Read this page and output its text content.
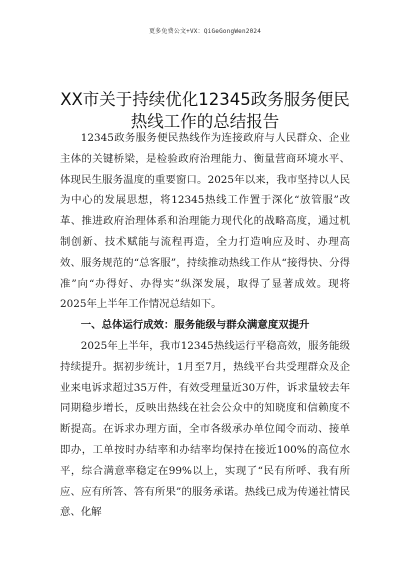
更多免费公文+VX：QiGeGongWen2024
XX市关于持续优化12345政务服务便民热线工作的总结报告

12345政务服务便民热线作为连接政府与人民群众、企业主体的关键桥梁，是检验政府治理能力、衡量营商环境水平、体现民生服务温度的重要窗口。2025年以来，我市坚持以人民为中心的发展思想，将12345热线工作置于深化“放管服”改革、推进政府治理体系和治理能力现代化的战略高度，通过机制创新、技术赋能与流程再造，全力打造响应及时、办理高效、服务规范的“总客服”，持续推动热线工作从“接得快、分得准”向“办得好、办得实”纵深发展，取得了显著成效。现将2025年上半年工作情况总结如下。

一、总体运行成效：服务能级与群众满意度双提升

2025年上半年，我市12345热线运行平稳高效，服务能级持续提升。据初步统计，1月至7月，热线平台共受理群众及企业来电诉求超过35万件，有效受理量近30万件，诉求量较去年同期稳步增长，反映出热线在社会公众中的知晓度和信赖度不断提高。在诉求办理方面，全市各级承办单位闻令而动、接单即办，工单按时办结率和办结率均保持在接近100%的高位水平，综合满意率稳定在99%以上，实现了“民有所呼、我有所应、应有所答、答有所果”的服务承诺。热线已成为传递社情民意、化解
